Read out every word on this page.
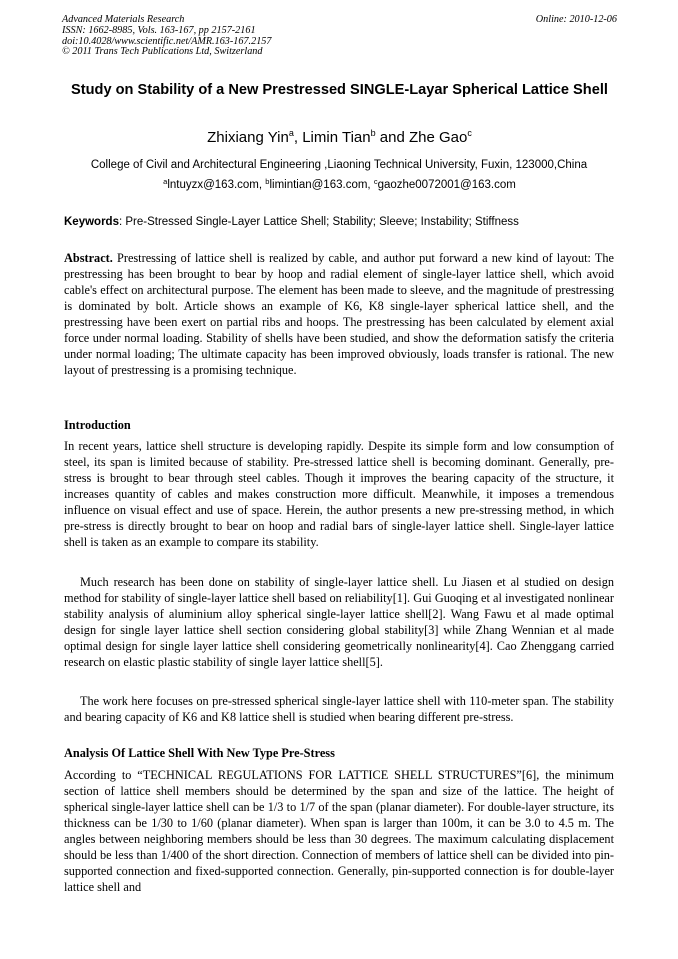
Advanced Materials Research
ISSN: 1662-8985, Vols. 163-167, pp 2157-2161
doi:10.4028/www.scientific.net/AMR.163-167.2157
© 2011 Trans Tech Publications Ltd, Switzerland
Online: 2010-12-06
Study on Stability of a New Prestressed SINGLE-Layar Spherical Lattice Shell
Zhixiang Yin$^a$, Limin Tian$^b$ and Zhe Gao$^c$
College of Civil and Architectural Engineering ,Liaoning Technical University, Fuxin, 123000,China
$^a$lntuyzx@163.com, $^b$limintian@163.com, $^c$gaozhe0072001@163.com
Keywords: Pre-Stressed Single-Layer Lattice Shell; Stability; Sleeve; Instability; Stiffness
Abstract. Prestressing of lattice shell is realized by cable, and author put forward a new kind of layout: The prestressing has been brought to bear by hoop and radial element of single-layer lattice shell, which avoid cable's effect on architectural purpose. The element has been made to sleeve, and the magnitude of prestressing is dominated by bolt. Article shows an example of K6, K8 single-layer spherical lattice shell, and the prestressing have been exert on partial ribs and hoops. The prestressing has been calculated by element axial force under normal loading. Stability of shells have been studied, and show the deformation satisfy the criteria under normal loading; The ultimate capacity has been improved obviously, loads transfer is rational. The new layout of prestressing is a promising technique.
Introduction
In recent years, lattice shell structure is developing rapidly. Despite its simple form and low consumption of steel, its span is limited because of stability. Pre-stressed lattice shell is becoming dominant. Generally, pre-stress is brought to bear through steel cables. Though it improves the bearing capacity of the structure, it increases quantity of cables and makes construction more difficult. Meanwhile, it imposes a tremendous influence on visual effect and use of space. Herein, the author presents a new pre-stressing method, in which pre-stress is directly brought to bear on hoop and radial bars of single-layer lattice shell. Single-layer lattice shell is taken as an example to compare its stability.
Much research has been done on stability of single-layer lattice shell. Lu Jiasen et al studied on design method for stability of single-layer lattice shell based on reliability[1]. Gui Guoqing et al investigated nonlinear stability analysis of aluminium alloy spherical single-layer lattice shell[2]. Wang Fawu et al made optimal design for single layer lattice shell section considering global stability[3] while Zhang Wennian et al made optimal design for single layer lattice shell considering geometrically nonlinearity[4]. Cao Zhenggang carried research on elastic plastic stability of single layer lattice shell[5].
The work here focuses on pre-stressed spherical single-layer lattice shell with 110-meter span. The stability and bearing capacity of K6 and K8 lattice shell is studied when bearing different pre-stress.
Analysis Of Lattice Shell With New Type Pre-Stress
According to “TECHNICAL REGULATIONS FOR LATTICE SHELL STRUCTURES”[6], the minimum section of lattice shell members should be determined by the span and size of the lattice. The height of spherical single-layer lattice shell can be 1/3 to 1/7 of the span (planar diameter). For double-layer structure, its thickness can be 1/30 to 1/60 (planar diameter). When span is larger than 100m, it can be 3.0 to 4.5 m. The angles between neighboring members should be less than 30 degrees. The maximum calculating displacement should be less than 1/400 of the short direction. Connection of members of lattice shell can be divided into pin-supported connection and fixed-supported connection. Generally, pin-supported connection is for double-layer lattice shell and
